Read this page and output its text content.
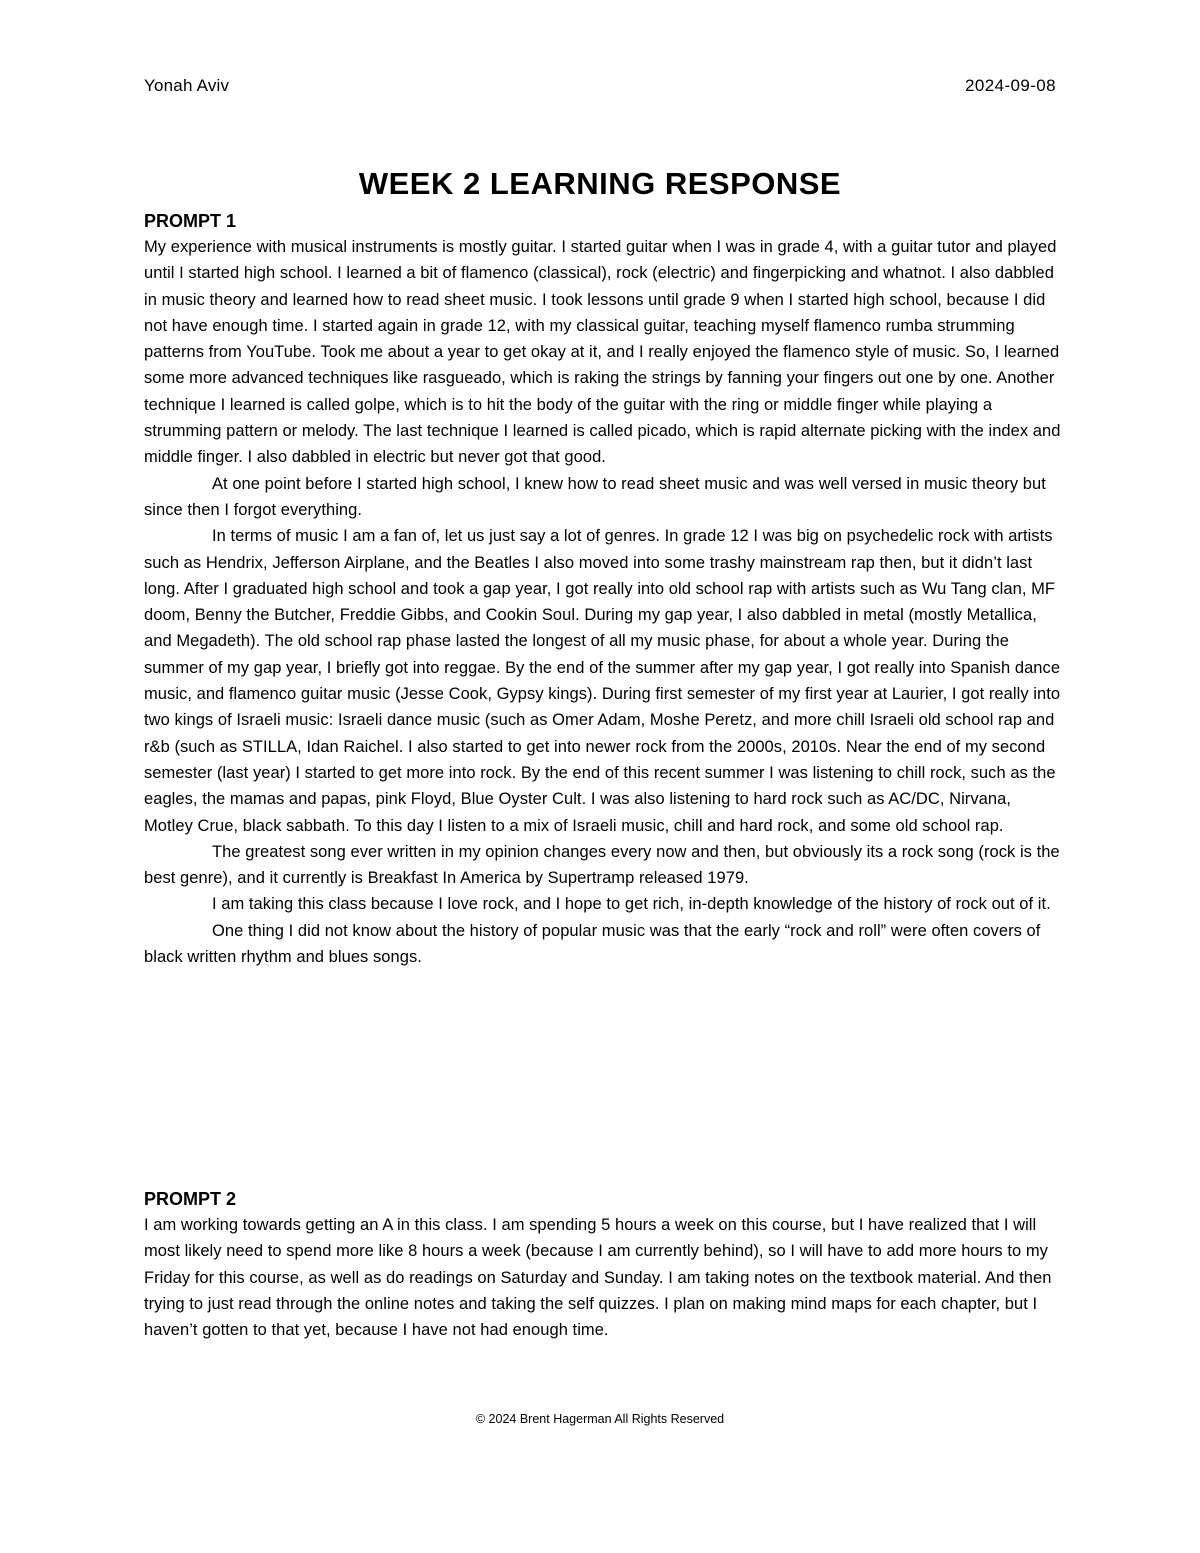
Yonah Aviv	2024-09-08
WEEK 2 LEARNING RESPONSE
PROMPT 1

My experience with musical instruments is mostly guitar. I started guitar when I was in grade 4, with a guitar tutor and played until I started high school. I learned a bit of flamenco (classical), rock (electric) and fingerpicking and whatnot. I also dabbled in music theory and learned how to read sheet music. I took lessons until grade 9 when I started high school, because I did not have enough time. I started again in grade 12, with my classical guitar, teaching myself flamenco rumba strumming patterns from YouTube. Took me about a year to get okay at it, and I really enjoyed the flamenco style of music. So, I learned some more advanced techniques like rasgueado, which is raking the strings by fanning your fingers out one by one. Another technique I learned is called golpe, which is to hit the body of the guitar with the ring or middle finger while playing a strumming pattern or melody. The last technique I learned is called picado, which is rapid alternate picking with the index and middle finger. I also dabbled in electric but never got that good.

At one point before I started high school, I knew how to read sheet music and was well versed in music theory but since then I forgot everything.

In terms of music I am a fan of, let us just say a lot of genres. In grade 12 I was big on psychedelic rock with artists such as Hendrix, Jefferson Airplane, and the Beatles I also moved into some trashy mainstream rap then, but it didn’t last long. After I graduated high school and took a gap year, I got really into old school rap with artists such as Wu Tang clan, MF doom, Benny the Butcher, Freddie Gibbs, and Cookin Soul. During my gap year, I also dabbled in metal (mostly Metallica, and Megadeth). The old school rap phase lasted the longest of all my music phase, for about a whole year. During the summer of my gap year, I briefly got into reggae. By the end of the summer after my gap year, I got really into Spanish dance music, and flamenco guitar music (Jesse Cook, Gypsy kings). During first semester of my first year at Laurier, I got really into two kings of Israeli music: Israeli dance music (such as Omer Adam, Moshe Peretz, and more chill Israeli old school rap and r&b (such as STILLA, Idan Raichel. I also started to get into newer rock from the 2000s, 2010s. Near the end of my second semester (last year) I started to get more into rock. By the end of this recent summer I was listening to chill rock, such as the eagles, the mamas and papas, pink Floyd, Blue Oyster Cult. I was also listening to hard rock such as AC/DC, Nirvana, Motley Crue, black sabbath. To this day I listen to a mix of Israeli music, chill and hard rock, and some old school rap.

The greatest song ever written in my opinion changes every now and then, but obviously its a rock song (rock is the best genre), and it currently is Breakfast In America by Supertramp released 1979.

I am taking this class because I love rock, and I hope to get rich, in-depth knowledge of the history of rock out of it.

One thing I did not know about the history of popular music was that the early “rock and roll” were often covers of black written rhythm and blues songs.

PROMPT 2

I am working towards getting an A in this class. I am spending 5 hours a week on this course, but I have realized that I will most likely need to spend more like 8 hours a week (because I am currently behind), so I will have to add more hours to my Friday for this course, as well as do readings on Saturday and Sunday. I am taking notes on the textbook material. And then trying to just read through the online notes and taking the self quizzes. I plan on making mind maps for each chapter, but I haven’t gotten to that yet, because I have not had enough time.

© 2024 Brent Hagerman All Rights Reserved
